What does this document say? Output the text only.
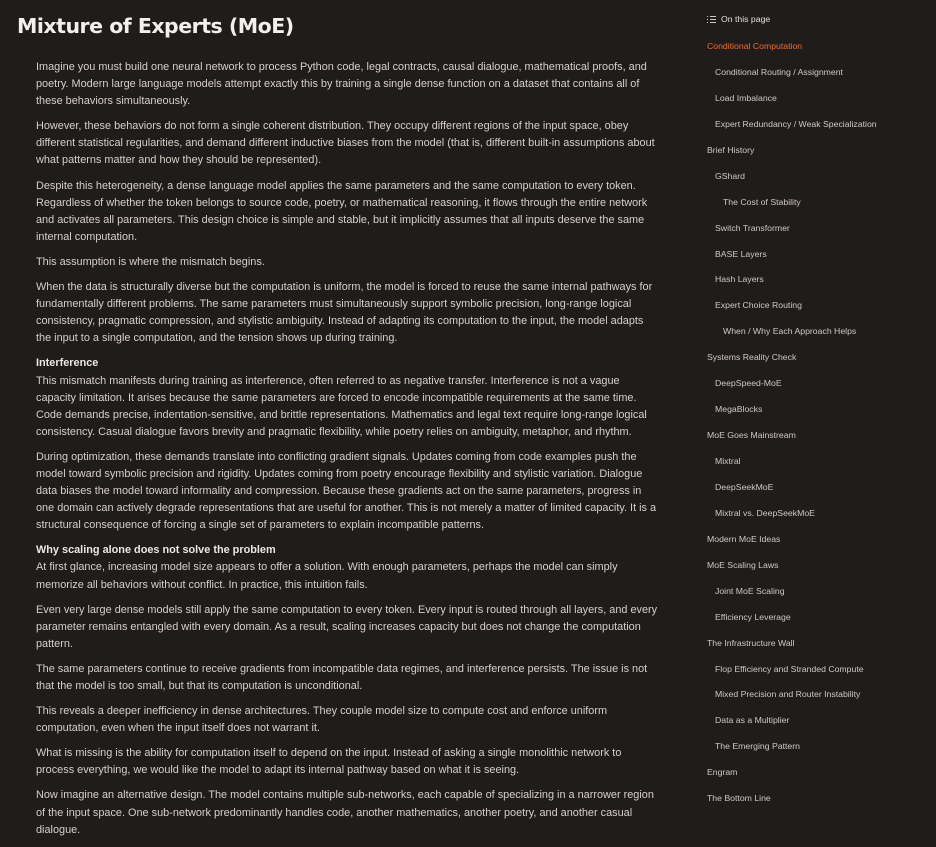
Mixture of Experts (MoE)

Imagine you must build one neural network to process Python code, legal contracts, causal dialogue, mathematical proofs, and poetry. Modern large language models attempt exactly this by training a single dense function on a dataset that contains all of these behaviors simultaneously.

However, these behaviors do not form a single coherent distribution. They occupy different regions of the input space, obey different statistical regularities, and demand different inductive biases from the model (that is, different built-in assumptions about what patterns matter and how they should be represented).

Despite this heterogeneity, a dense language model applies the same parameters and the same computation to every token. Regardless of whether the token belongs to source code, poetry, or mathematical reasoning, it flows through the entire network and activates all parameters. This design choice is simple and stable, but it implicitly assumes that all inputs deserve the same internal computation.

This assumption is where the mismatch begins.

When the data is structurally diverse but the computation is uniform, the model is forced to reuse the same internal pathways for fundamentally different problems. The same parameters must simultaneously support symbolic precision, long-range logical consistency, pragmatic compression, and stylistic ambiguity. Instead of adapting its computation to the input, the model adapts the input to a single computation, and the tension shows up during training.

Interference

This mismatch manifests during training as interference, often referred to as negative transfer. Interference is not a vague capacity limitation. It arises because the same parameters are forced to encode incompatible requirements at the same time. Code demands precise, indentation-sensitive, and brittle representations. Mathematics and legal text require long-range logical consistency. Casual dialogue favors brevity and pragmatic flexibility, while poetry relies on ambiguity, metaphor, and rhythm.

During optimization, these demands translate into conflicting gradient signals. Updates coming from code examples push the model toward symbolic precision and rigidity. Updates coming from poetry encourage flexibility and stylistic variation. Dialogue data biases the model toward informality and compression. Because these gradients act on the same parameters, progress in one domain can actively degrade representations that are useful for another. This is not merely a matter of limited capacity. It is a structural consequence of forcing a single set of parameters to explain incompatible patterns.

Why scaling alone does not solve the problem

At first glance, increasing model size appears to offer a solution. With enough parameters, perhaps the model can simply memorize all behaviors without conflict. In practice, this intuition fails.

Even very large dense models still apply the same computation to every token. Every input is routed through all layers, and every parameter remains entangled with every domain. As a result, scaling increases capacity but does not change the computation pattern.

The same parameters continue to receive gradients from incompatible data regimes, and interference persists. The issue is not that the model is too small, but that its computation is unconditional.

This reveals a deeper inefficiency in dense architectures. They couple model size to compute cost and enforce uniform computation, even when the input itself does not warrant it.

What is missing is the ability for computation itself to depend on the input. Instead of asking a single monolithic network to process everything, we would like the model to adapt its internal pathway based on what it is seeing.

Now imagine an alternative design. The model contains multiple sub-networks, each capable of specializing in a narrower region of the input space. One sub-network predominantly handles code, another mathematics, another poetry, and another casual dialogue.

On this page
Conditional Computation
Conditional Routing / Assignment
Load Imbalance
Expert Redundancy / Weak Specialization
Brief History
GShard
The Cost of Stability
Switch Transformer
BASE Layers
Hash Layers
Expert Choice Routing
When / Why Each Approach Helps
Systems Reality Check
DeepSpeed-MoE
MegaBlocks
MoE Goes Mainstream
Mixtral
DeepSeekMoE
Mixtral vs. DeepSeekMoE
Modern MoE Ideas
MoE Scaling Laws
Joint MoE Scaling
Efficiency Leverage
The Infrastructure Wall
Flop Efficiency and Stranded Compute
Mixed Precision and Router Instability
Data as a Multiplier
The Emerging Pattern
Engram
The Bottom Line
